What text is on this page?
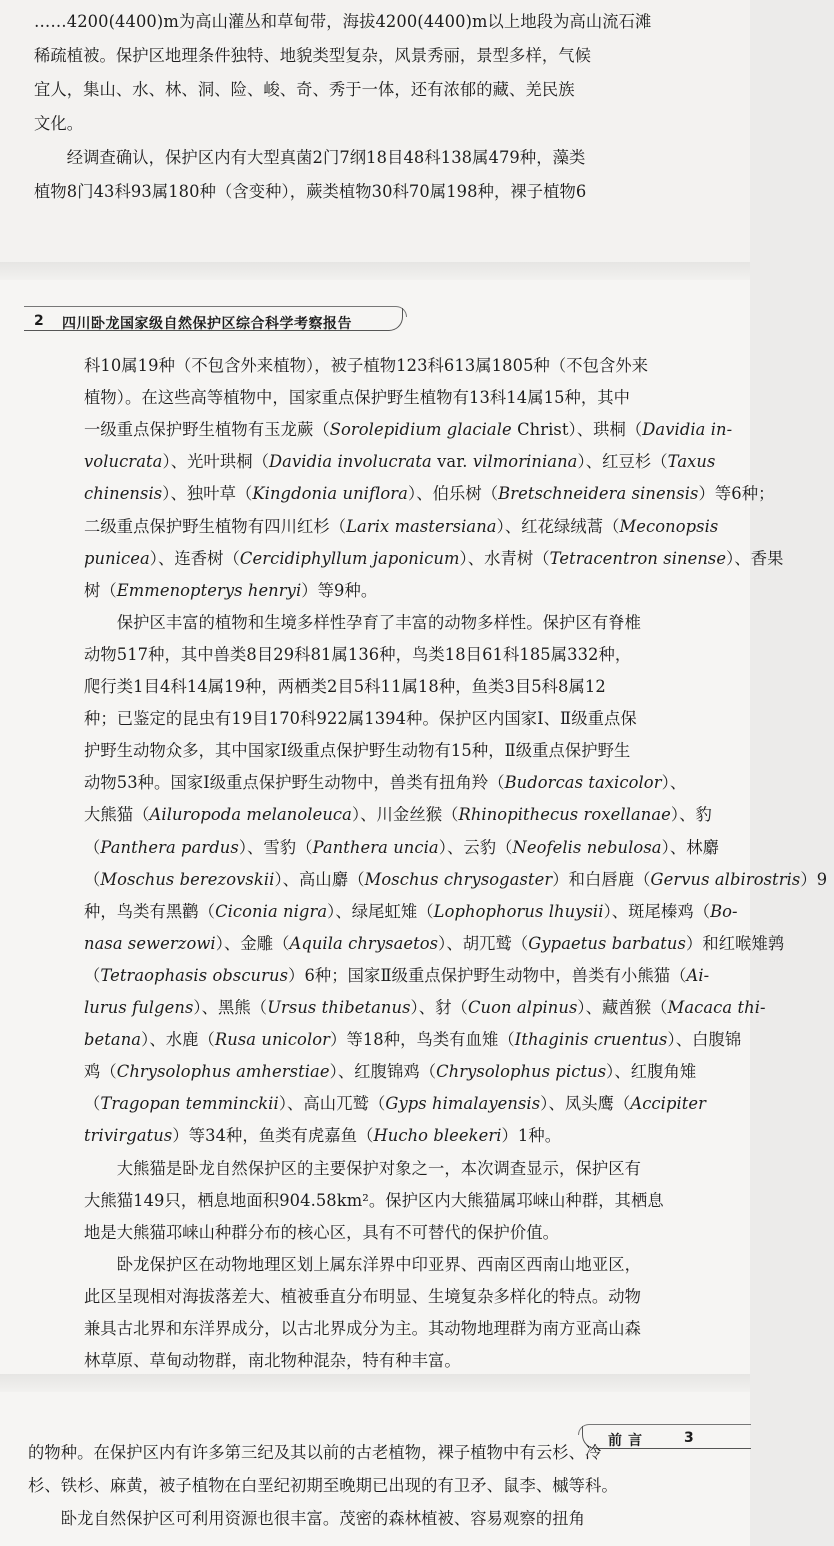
……4200(4400)m为高山灌丛和草甸带，海拔4200(4400)m以上地段为高山流石滩
稀疏植被。保护区地理条件独特、地貌类型复杂，风景秀丽，景型多样，气候
宜人，集山、水、林、洞、险、峻、奇、秀于一体，还有浓郁的藏、羌民族
文化。
　　经调查确认，保护区内有大型真菌2门7纲18目48科138属479种，藻类
植物8门43科93属180种（含变种），蕨类植物30科70属198种，裸子植物6

2 四川卧龙国家级自然保护区综合科学考察报告
科10属19种（不包含外来植物），被子植物123科613属1805种（不包含外来
植物）。在这些高等植物中，国家重点保护野生植物有13科14属15种，其中
一级重点保护野生植物有玉龙蕨（Sorolepidium glaciale Christ）、珙桐（Davidia in-
volucrata）、光叶珙桐（Davidia involucrata var. vilmoriniana）、红豆杉（Taxus
chinensis）、独叶草（Kingdonia uniflora）、伯乐树（Bretschneidera sinensis）等6种；
二级重点保护野生植物有四川红杉（Larix mastersiana）、红花绿绒蒿（Meconopsis
punicea）、连香树（Cercidiphyllum japonicum）、水青树（Tetracentron sinense）、香果
树（Emmenopterys henryi）等9种。
　　保护区丰富的植物和生境多样性孕育了丰富的动物多样性。保护区有脊椎
动物517种，其中兽类8目29科81属136种，鸟类18目61科185属332种，
爬行类1目4科14属19种，两栖类2目5科11属18种，鱼类3目5科8属12
种；已鉴定的昆虫有19目170科922属1394种。保护区内国家Ⅰ、Ⅱ级重点保
护野生动物众多，其中国家Ⅰ级重点保护野生动物有15种，Ⅱ级重点保护野生
动物53种。国家Ⅰ级重点保护野生动物中，兽类有扭角羚（Budorcas taxicolor）、
大熊猫（Ailuropoda melanoleuca）、川金丝猴（Rhinopithecus roxellanae）、豹
（Panthera pardus）、雪豹（Panthera uncia）、云豹（Neofelis nebulosa）、林麝
（Moschus berezovskii）、高山麝（Moschus chrysogaster）和白唇鹿（Gervus albirostris）9
种，鸟类有黑鹳（Ciconia nigra）、绿尾虹雉（Lophophorus lhuysii）、斑尾榛鸡（Bo-
nasa sewerzowi）、金雕（Aquila chrysaetos）、胡兀鹫（Gypaetus barbatus）和红喉雉鹑
（Tetraophasis obscurus）6种；国家Ⅱ级重点保护野生动物中，兽类有小熊猫（Ai-
lurus fulgens）、黑熊（Ursus thibetanus）、豺（Cuon alpinus）、藏酋猴（Macaca thi-
betana）、水鹿（Rusa unicolor）等18种，鸟类有血雉（Ithaginis cruentus）、白腹锦
鸡（Chrysolophus amherstiae）、红腹锦鸡（Chrysolophus pictus）、红腹角雉
（Tragopan temminckii）、高山兀鹫（Gyps himalayensis）、凤头鹰（Accipiter
trivirgatus）等34种，鱼类有虎嘉鱼（Hucho bleekeri）1种。
　　大熊猫是卧龙自然保护区的主要保护对象之一，本次调查显示，保护区有
大熊猫149只，栖息地面积904.58km²。保护区内大熊猫属邛崃山种群，其栖息
地是大熊猫邛崃山种群分布的核心区，具有不可替代的保护价值。
　　卧龙保护区在动物地理区划上属东洋界中印亚界、西南区西南山地亚区，
此区呈现相对海拔落差大、植被垂直分布明显、生境复杂多样化的特点。动物
兼具古北界和东洋界成分，以古北界成分为主。其动物地理群为南方亚高山森
林草原、草甸动物群，南北物种混杂，特有种丰富。
前言	3
的物种。在保护区内有许多第三纪及其以前的古老植物，裸子植物中有云杉、冷
杉、铁杉、麻黄，被子植物在白垩纪初期至晚期已出现的有卫矛、鼠李、槭等科。
　　卧龙自然保护区可利用资源也很丰富。茂密的森林植被、容易观察的扭角
